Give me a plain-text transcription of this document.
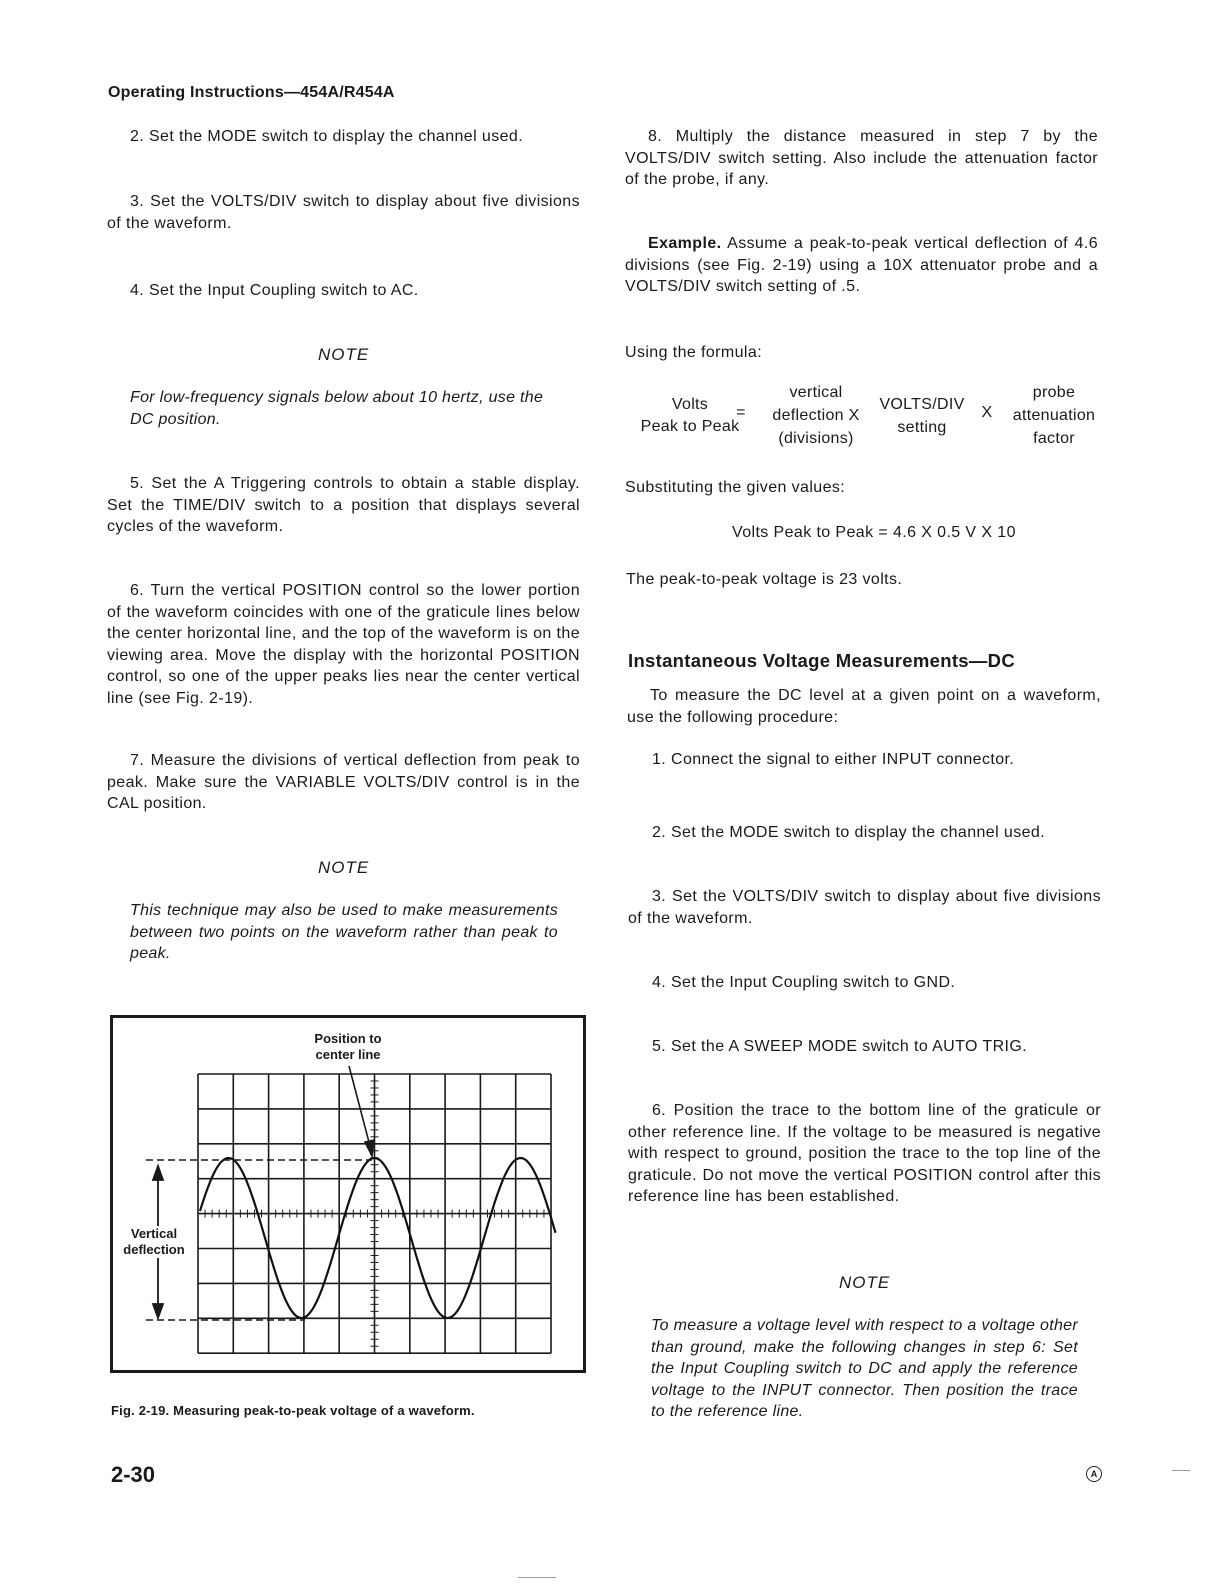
Operating Instructions—454A/R454A
2. Set the MODE switch to display the channel used.
3. Set the VOLTS/DIV switch to display about five divisions of the waveform.
4. Set the Input Coupling switch to AC.
NOTE
For low-frequency signals below about 10 hertz, use the DC position.
5. Set the A Triggering controls to obtain a stable display. Set the TIME/DIV switch to a position that displays several cycles of the waveform.
6. Turn the vertical POSITION control so the lower portion of the waveform coincides with one of the graticule lines below the center horizontal line, and the top of the waveform is on the viewing area. Move the display with the horizontal POSITION control, so one of the upper peaks lies near the center vertical line (see Fig. 2-19).
7. Measure the divisions of vertical deflection from peak to peak. Make sure the VARIABLE VOLTS/DIV control is in the CAL position.
NOTE
This technique may also be used to make measurements between two points on the waveform rather than peak to peak.
Position to
center line
Vertical
deflection
Fig. 2-19. Measuring peak-to-peak voltage of a waveform.
8. Multiply the distance measured in step 7 by the VOLTS/DIV switch setting. Also include the attenuation factor of the probe, if any.
Example. Assume a peak-to-peak vertical deflection of 4.6 divisions (see Fig. 2-19) using a 10X attenuator probe and a VOLTS/DIV switch setting of .5.
Using the formula:
Volts
Peak to Peak
=
vertical
deflection X
(divisions)
VOLTS/DIV
setting
X
probe
attenuation
factor
Substituting the given values:
Volts Peak to Peak = 4.6 X 0.5 V X 10
The peak-to-peak voltage is 23 volts.
Instantaneous Voltage Measurements—DC
To measure the DC level at a given point on a waveform, use the following procedure:
1. Connect the signal to either INPUT connector.
2. Set the MODE switch to display the channel used.
3. Set the VOLTS/DIV switch to display about five divisions of the waveform.
4. Set the Input Coupling switch to GND.
5. Set the A SWEEP MODE switch to AUTO TRIG.
6. Position the trace to the bottom line of the graticule or other reference line. If the voltage to be measured is negative with respect to ground, position the trace to the top line of the graticule. Do not move the vertical POSITION control after this reference line has been established.
NOTE
To measure a voltage level with respect to a voltage other than ground, make the following changes in step 6: Set the Input Coupling switch to DC and apply the reference voltage to the INPUT connector. Then position the trace to the reference line.
2-30	A
